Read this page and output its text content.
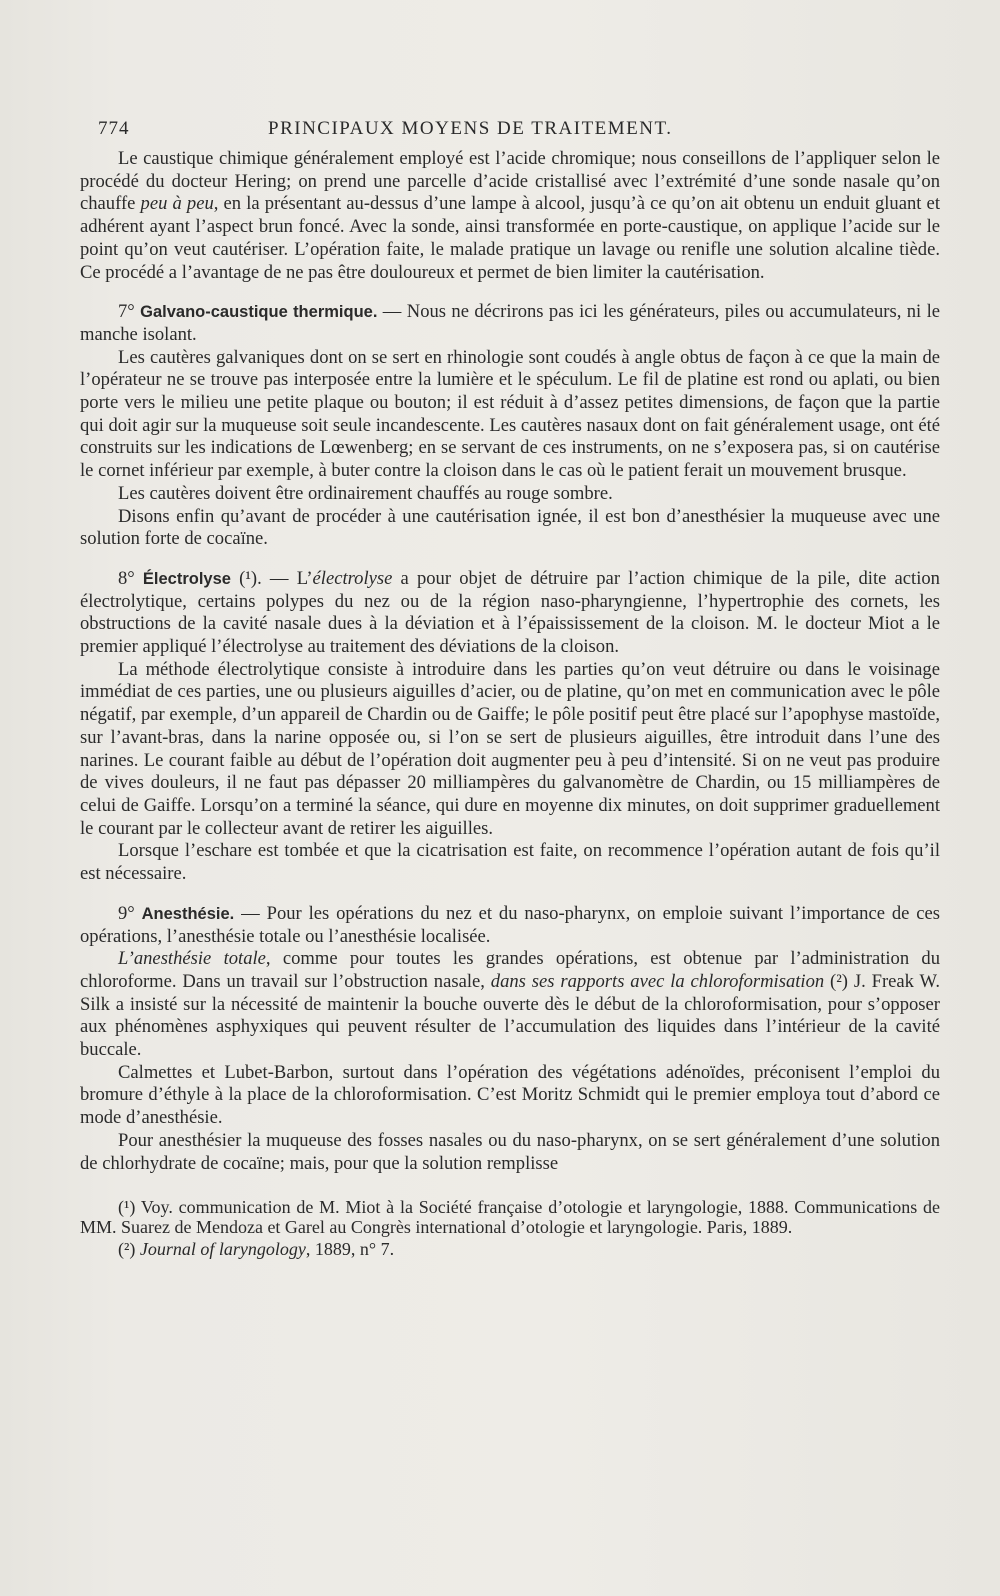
774	PRINCIPAUX MOYENS DE TRAITEMENT.

Le caustique chimique généralement employé est l’acide chromique; nous conseillons de l’appliquer selon le procédé du docteur Hering; on prend une parcelle d’acide cristallisé avec l’extrémité d’une sonde nasale qu’on chauffe peu à peu, en la présentant au-dessus d’une lampe à alcool, jusqu’à ce qu’on ait obtenu un enduit gluant et adhérent ayant l’aspect brun foncé. Avec la sonde, ainsi transformée en porte-caustique, on applique l’acide sur le point qu’on veut cautériser. L’opération faite, le malade pratique un lavage ou renifle une solution alcaline tiède. Ce procédé a l’avantage de ne pas être douloureux et permet de bien limiter la cautérisation.

7° Galvano-caustique thermique. — Nous ne décrirons pas ici les générateurs, piles ou accumulateurs, ni le manche isolant.

Les cautères galvaniques dont on se sert en rhinologie sont coudés à angle obtus de façon à ce que la main de l’opérateur ne se trouve pas interposée entre la lumière et le spéculum. Le fil de platine est rond ou aplati, ou bien porte vers le milieu une petite plaque ou bouton; il est réduit à d’assez petites dimensions, de façon que la partie qui doit agir sur la muqueuse soit seule incandescente. Les cautères nasaux dont on fait généralement usage, ont été construits sur les indications de Lœwenberg; en se servant de ces instruments, on ne s’exposera pas, si on cautérise le cornet inférieur par exemple, à buter contre la cloison dans le cas où le patient ferait un mouvement brusque.

Les cautères doivent être ordinairement chauffés au rouge sombre.

Disons enfin qu’avant de procéder à une cautérisation ignée, il est bon d’anesthésier la muqueuse avec une solution forte de cocaïne.

8° Électrolyse (¹). — L’électrolyse a pour objet de détruire par l’action chimique de la pile, dite action électrolytique, certains polypes du nez ou de la région naso-pharyngienne, l’hypertrophie des cornets, les obstructions de la cavité nasale dues à la déviation et à l’épaississement de la cloison. M. le docteur Miot a le premier appliqué l’électrolyse au traitement des déviations de la cloison.

La méthode électrolytique consiste à introduire dans les parties qu’on veut détruire ou dans le voisinage immédiat de ces parties, une ou plusieurs aiguilles d’acier, ou de platine, qu’on met en communication avec le pôle négatif, par exemple, d’un appareil de Chardin ou de Gaiffe; le pôle positif peut être placé sur l’apophyse mastoïde, sur l’avant-bras, dans la narine opposée ou, si l’on se sert de plusieurs aiguilles, être introduit dans l’une des narines. Le courant faible au début de l’opération doit augmenter peu à peu d’intensité. Si on ne veut pas produire de vives douleurs, il ne faut pas dépasser 20 milliampères du galvanomètre de Chardin, ou 15 milliampères de celui de Gaiffe. Lorsqu’on a terminé la séance, qui dure en moyenne dix minutes, on doit supprimer graduellement le courant par le collecteur avant de retirer les aiguilles.

Lorsque l’eschare est tombée et que la cicatrisation est faite, on recommence l’opération autant de fois qu’il est nécessaire.

9° Anesthésie. — Pour les opérations du nez et du naso-pharynx, on emploie suivant l’importance de ces opérations, l’anesthésie totale ou l’anesthésie localisée.

L’anesthésie totale, comme pour toutes les grandes opérations, est obtenue par l’administration du chloroforme. Dans un travail sur l’obstruction nasale, dans ses rapports avec la chloroformisation (²) J. Freak W. Silk a insisté sur la nécessité de maintenir la bouche ouverte dès le début de la chloroformisation, pour s’opposer aux phénomènes asphyxiques qui peuvent résulter de l’accumulation des liquides dans l’intérieur de la cavité buccale.

Calmettes et Lubet-Barbon, surtout dans l’opération des végétations adénoïdes, préconisent l’emploi du bromure d’éthyle à la place de la chloroformisation. C’est Moritz Schmidt qui le premier employa tout d’abord ce mode d’anesthésie.

Pour anesthésier la muqueuse des fosses nasales ou du naso-pharynx, on se sert généralement d’une solution de chlorhydrate de cocaïne; mais, pour que la solution remplisse

(¹) Voy. communication de M. Miot à la Société française d’otologie et laryngologie, 1888. Communications de MM. Suarez de Mendoza et Garel au Congrès international d’otologie et laryngologie. Paris, 1889.

(²) Journal of laryngology, 1889, n° 7.
